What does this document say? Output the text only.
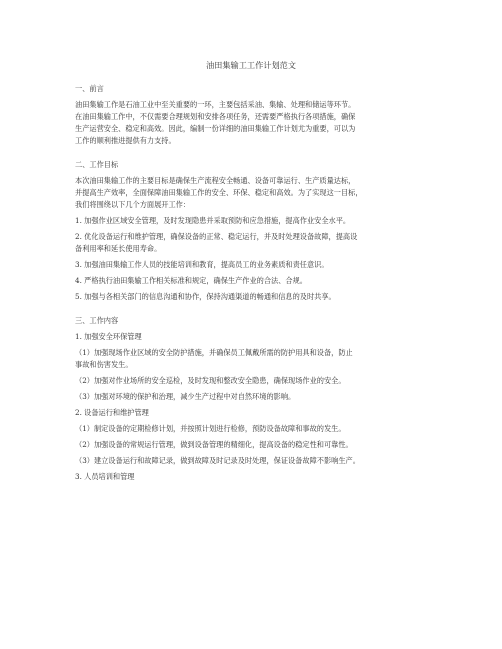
油田集输工工作计划范文
一、前言
油田集输工作是石油工业中至关重要的一环，主要包括采油、集输、处理和储运等环节。
在油田集输工作中，不仅需要合理规划和安排各项任务，还需要严格执行各项措施，确保
生产运营安全、稳定和高效。因此，编制一份详细的油田集输工作计划尤为重要，可以为
工作的顺利推进提供有力支持。
二、工作目标
本次油田集输工作的主要目标是确保生产流程安全畅通、设备可靠运行、生产质量达标，
并提高生产效率，全面保障油田集输工作的安全、环保、稳定和高效。为了实现这一目标，
我们将围绕以下几个方面展开工作：
1. 加强作业区域安全管理，及时发现隐患并采取预防和应急措施，提高作业安全水平。
2. 优化设备运行和维护管理，确保设备的正常、稳定运行，并及时处理设备故障，提高设
备利用率和延长使用寿命。
3. 加强油田集输工作人员的技能培训和教育，提高员工的业务素质和责任意识。
4. 严格执行油田集输工作相关标准和规定，确保生产作业的合法、合规。
5. 加强与各相关部门的信息沟通和协作，保持沟通渠道的畅通和信息的及时共享。
三、工作内容
1. 加强安全环保管理
（1）加强现场作业区域的安全防护措施，并确保员工佩戴所需的防护用具和设备，防止
事故和伤害发生。
（2）加强对作业场所的安全巡检，及时发现和整改安全隐患，确保现场作业的安全。
（3）加强对环境的保护和治理，减少生产过程中对自然环境的影响。
2. 设备运行和维护管理
（1）制定设备的定期检修计划，并按照计划进行检修，预防设备故障和事故的发生。
（2）加强设备的常规运行管理，做到设备管理的精细化，提高设备的稳定性和可靠性。
（3）建立设备运行和故障记录，做到故障及时记录及时处理，保证设备故障不影响生产。
3. 人员培训和管理
